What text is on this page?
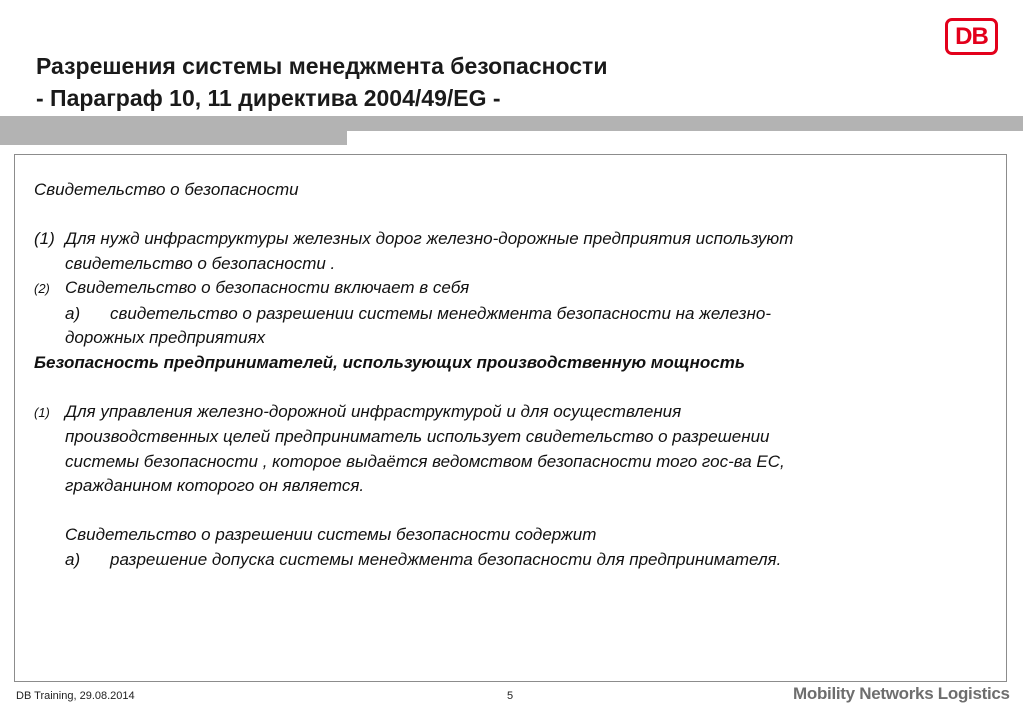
Разрешения системы менеджмента безопасности
- Параграф 10, 11 директива 2004/49/EG -
DB
Свидетельство о безопасности
(1) Для нужд инфраструктуры железных дорог железно-дорожные предприятия используют
свидетельство о безопасности .
(2) Свидетельство о безопасности включает в себя
a) свидетельство о разрешении системы менеджмента безопасности на железно-
дорожных предприятиях
Безопасность предпринимателей, использующих производственную мощность
(1) Для управления железно-дорожной инфраструктурой и для осуществления
производственных целей предприниматель использует свидетельство о разрешении
системы безопасности , которое выдаётся ведомством безопасности того гос-ва ЕС,
гражданином которого он является.
Свидетельство о разрешении системы безопасности содержит
a) разрешение допуска системы менеджмента безопасности для предпринимателя.
DB Training, 29.08.2014	5	Mobility Networks Logistics
